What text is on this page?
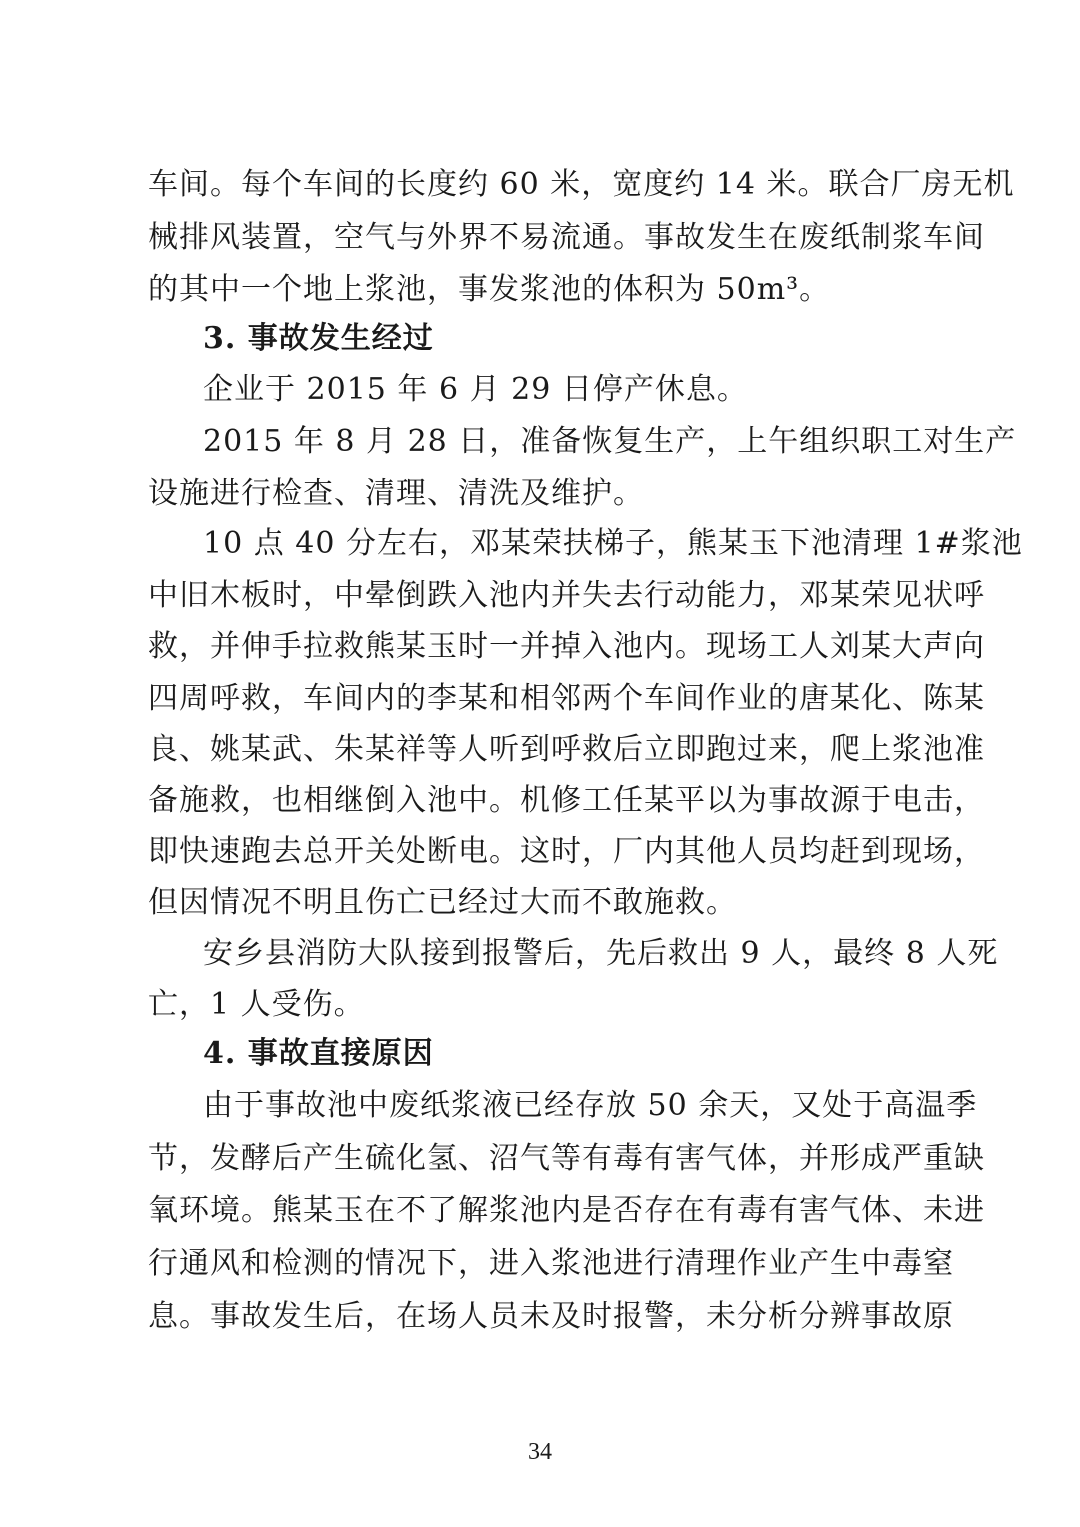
车间。每个车间的长度约 60 米，宽度约 14 米。联合厂房无机
械排风装置，空气与外界不易流通。事故发生在废纸制浆车间
的其中一个地上浆池，事发浆池的体积为 50m³。
3. 事故发生经过
企业于 2015 年 6 月 29 日停产休息。
2015 年 8 月 28 日，准备恢复生产，上午组织职工对生产
设施进行检查、清理、清洗及维护。
10 点 40 分左右，邓某荣扶梯子，熊某玉下池清理 1#浆池
中旧木板时，中晕倒跌入池内并失去行动能力，邓某荣见状呼
救，并伸手拉救熊某玉时一并掉入池内。现场工人刘某大声向
四周呼救，车间内的李某和相邻两个车间作业的唐某化、陈某
良、姚某武、朱某祥等人听到呼救后立即跑过来，爬上浆池准
备施救，也相继倒入池中。机修工任某平以为事故源于电击，
即快速跑去总开关处断电。这时，厂内其他人员均赶到现场，
但因情况不明且伤亡已经过大而不敢施救。
安乡县消防大队接到报警后，先后救出 9 人，最终 8 人死
亡，1 人受伤。
4. 事故直接原因
由于事故池中废纸浆液已经存放 50 余天，又处于高温季
节，发酵后产生硫化氢、沼气等有毒有害气体，并形成严重缺
氧环境。熊某玉在不了解浆池内是否存在有毒有害气体、未进
行通风和检测的情况下，进入浆池进行清理作业产生中毒窒
息。事故发生后，在场人员未及时报警，未分析分辨事故原
34
